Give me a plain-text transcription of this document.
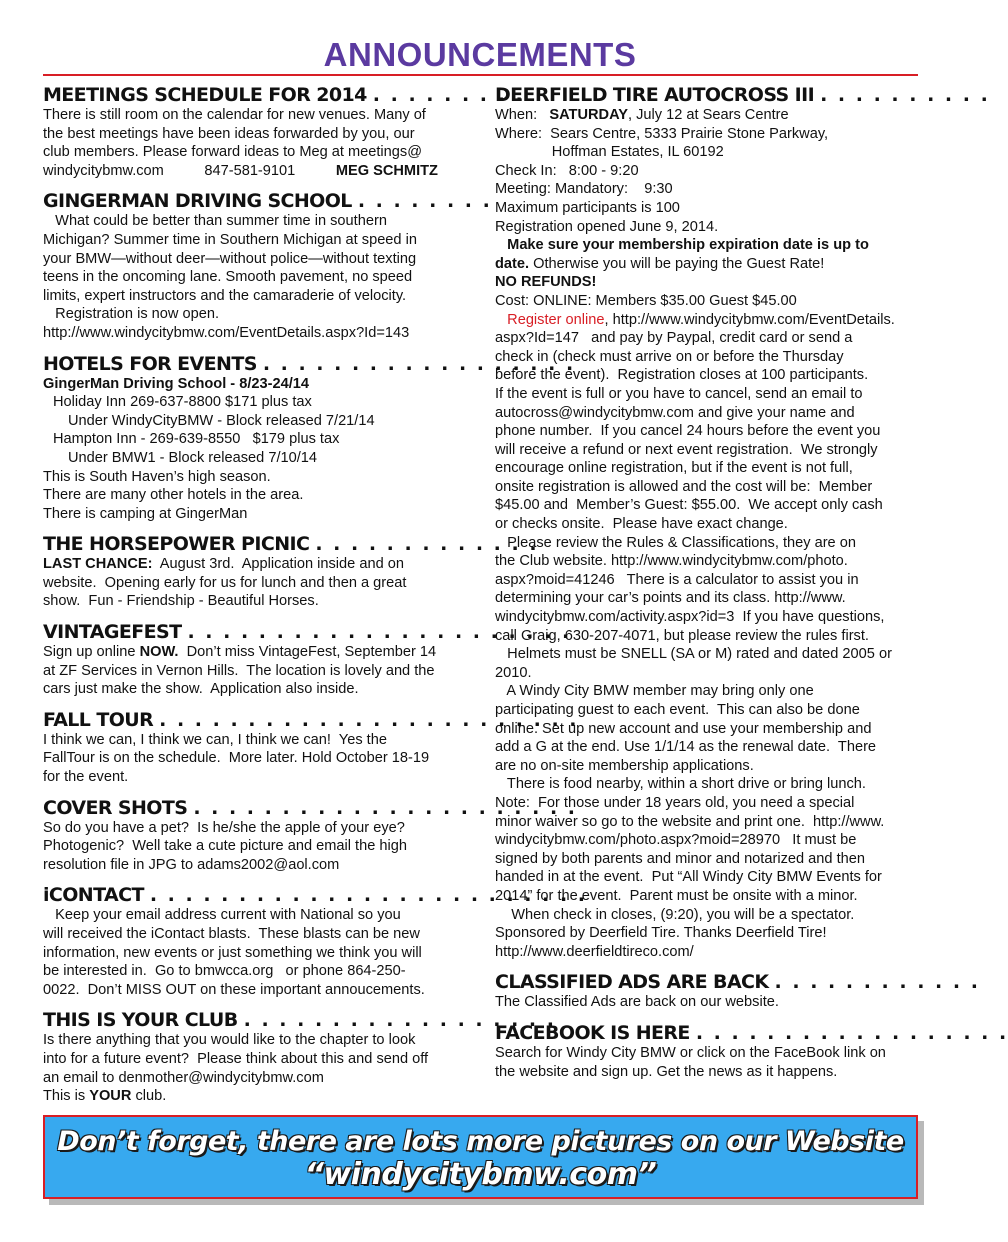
ANNOUNCEMENTS
MEETINGS SCHEDULE FOR 2014 . . . . . . . . .
There is still room on the calendar for new venues. Many of
the best meetings have been ideas forwarded by you, our
club members. Please forward ideas to Meg at meetings@
windycitybmw.com          847-581-9101          MEG SCHMITZ
GINGERMAN DRIVING SCHOOL . . . . . . . .
What could be better than summer time in southern
Michigan? Summer time in Southern Michigan at speed in
your BMW—without deer—without police—without texting
teens in the oncoming lane. Smooth pavement, no speed
limits, expert instructors and the camaraderie of velocity.
Registration is now open.
http://www.windycitybmw.com/EventDetails.aspx?Id=143
HOTELS FOR EVENTS . . . . . . . . . . . . . . . . . .
GingerMan Driving School - 8/23-24/14
Holiday Inn 269-637-8800 $171 plus tax
Under WindyCityBMW - Block released 7/21/14
Hampton Inn - 269-639-8550   $179 plus tax
Under BMW1 - Block released 7/10/14
This is South Haven’s high season.
There are many other hotels in the area.
There is camping at GingerMan
THE HORSEPOWER PICNIC . . . . . . . . . . . . .
LAST CHANCE:  August 3rd.  Application inside and on
website.  Opening early for us for lunch and then a great
show.  Fun - Friendship - Beautiful Horses.
VINTAGEFEST . . . . . . . . . . . . . . . . . . . . . .
Sign up online NOW.  Don’t miss VintageFest, September 14
at ZF Services in Vernon Hills.  The location is lovely and the
cars just make the show.  Application also inside.
FALL TOUR . . . . . . . . . . . . . . . . . . . . . . . .
I think we can, I think we can, I think we can!  Yes the
FallTour is on the schedule.  More later. Hold October 18-19
for the event.
COVER SHOTS . . . . . . . . . . . . . . . . . . . . . .
So do you have a pet?  Is he/she the apple of your eye?
Photogenic?  Well take a cute picture and email the high
resolution file in JPG to adams2002@aol.com
iCONTACT . . . . . . . . . . . . . . . . . . . . . . . . .
Keep your email address current with National so you
will received the iContact blasts.  These blasts can be new
information, new events or just something we think you will
be interested in.  Go to bmwcca.org   or phone 864-250-
0022.  Don’t MISS OUT on these important annoucements.
THIS IS YOUR CLUB . . . . . . . . . . . . . . . . . .
Is there anything that you would like to the chapter to look
into for a future event?  Please think about this and send off
an email to denmother@windycitybmw.com
This is YOUR club.
DEERFIELD TIRE AUTOCROSS III . . . . . . . . . .
When:   SATURDAY, July 12 at Sears Centre
Where:  Sears Centre, 5333 Prairie Stone Parkway,
Hoffman Estates, IL 60192
Check In:   8:00 - 9:20
Meeting: Mandatory:    9:30
Maximum participants is 100
Registration opened June 9, 2014.
Make sure your membership expiration date is up to
date. Otherwise you will be paying the Guest Rate!
NO REFUNDS!
Cost: ONLINE: Members $35.00 Guest $45.00
Register online, http://www.windycitybmw.com/EventDetails.
aspx?Id=147   and pay by Paypal, credit card or send a
check in (check must arrive on or before the Thursday
before the event).  Registration closes at 100 participants.
If the event is full or you have to cancel, send an email to
autocross@windycitybmw.com and give your name and
phone number.  If you cancel 24 hours before the event you
will receive a refund or next event registration.  We strongly
encourage online registration, but if the event is not full,
onsite registration is allowed and the cost will be:  Member
$45.00 and  Member’s Guest: $55.00.  We accept only cash
or checks onsite.  Please have exact change.
Please review the Rules & Classifications, they are on
the Club website. http://www.windycitybmw.com/photo.
aspx?moid=41246   There is a calculator to assist you in
determining your car’s points and its class. http://www.
windycitybmw.com/activity.aspx?id=3  If you have questions,
call Graig, 630-207-4071, but please review the rules first.
Helmets must be SNELL (SA or M) rated and dated 2005 or
2010.
A Windy City BMW member may bring only one
participating guest to each event.  This can also be done
online. Set up new account and use your membership and
add a G at the end. Use 1/1/14 as the renewal date.  There
are no on-site membership applications.
There is food nearby, within a short drive or bring lunch.
Note:  For those under 18 years old, you need a special
minor waiver so go to the website and print one.  http://www.
windycitybmw.com/photo.aspx?moid=28970   It must be
signed by both parents and minor and notarized and then
handed in at the event.  Put “All Windy City BMW Events for
2014” for the event.  Parent must be onsite with a minor.
When check in closes, (9:20), you will be a spectator.
Sponsored by Deerfield Tire. Thanks Deerfield Tire!
http://www.deerfieldtireco.com/
CLASSIFIED ADS ARE BACK . . . . . . . . . . . .
The Classified Ads are back on our website.
FACEBOOK IS HERE . . . . . . . . . . . . . . . . . .
Search for Windy City BMW or click on the FaceBook link on
the website and sign up. Get the news as it happens.
Don’t forget, there are lots more pictures on our Website
“windycitybmw.com”
